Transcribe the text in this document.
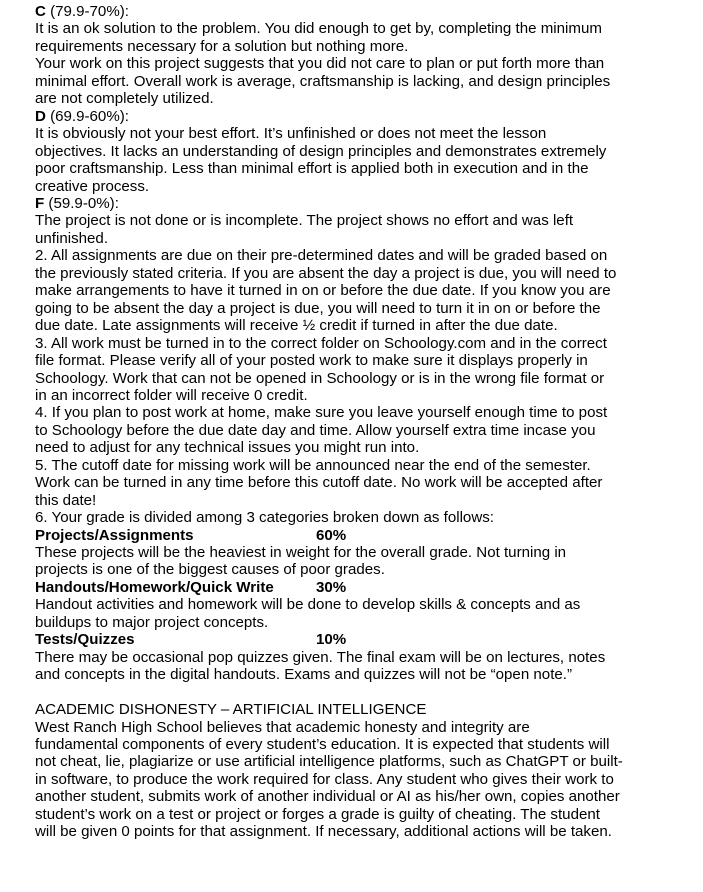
C (79.9-70%):
It is an ok solution to the problem. You did enough to get by, completing the minimum
requirements necessary for a solution but nothing more.
Your work on this project suggests that you did not care to plan or put forth more than
minimal effort. Overall work is average, craftsmanship is lacking, and design principles
are not completely utilized.
D (69.9-60%):
It is obviously not your best effort. It’s unfinished or does not meet the lesson
objectives. It lacks an understanding of design principles and demonstrates extremely
poor craftsmanship. Less than minimal effort is applied both in execution and in the
creative process.
F (59.9-0%):
The project is not done or is incomplete. The project shows no effort and was left
unfinished.
2. All assignments are due on their pre-determined dates and will be graded based on
the previously stated criteria. If you are absent the day a project is due, you will need to
make arrangements to have it turned in on or before the due date. If you know you are
going to be absent the day a project is due, you will need to turn it in on or before the
due date. Late assignments will receive ½ credit if turned in after the due date.
3. All work must be turned in to the correct folder on Schoology.com and in the correct
file format. Please verify all of your posted work to make sure it displays properly in
Schoology. Work that can not be opened in Schoology or is in the wrong file format or
in an incorrect folder will receive 0 credit.
4. If you plan to post work at home, make sure you leave yourself enough time to post
to Schoology before the due date day and time. Allow yourself extra time incase you
need to adjust for any technical issues you might run into.
5. The cutoff date for missing work will be announced near the end of the semester.
Work can be turned in any time before this cutoff date. No work will be accepted after
this date!
6. Your grade is divided among 3 categories broken down as follows:
Projects/Assignments	60%
These projects will be the heaviest in weight for the overall grade. Not turning in
projects is one of the biggest causes of poor grades.
Handouts/Homework/Quick Write	30%
Handout activities and homework will be done to develop skills & concepts and as
buildups to major project concepts.
Tests/Quizzes	10%
There may be occasional pop quizzes given. The final exam will be on lectures, notes
and concepts in the digital handouts. Exams and quizzes will not be “open note.”
ACADEMIC DISHONESTY – ARTIFICIAL INTELLIGENCE
West Ranch High School believes that academic honesty and integrity are
fundamental components of every student’s education. It is expected that students will
not cheat, lie, plagiarize or use artificial intelligence platforms, such as ChatGPT or built-
in software, to produce the work required for class. Any student who gives their work to
another student, submits work of another individual or AI as his/her own, copies another
student’s work on a test or project or forges a grade is guilty of cheating. The student
will be given 0 points for that assignment. If necessary, additional actions will be taken.
